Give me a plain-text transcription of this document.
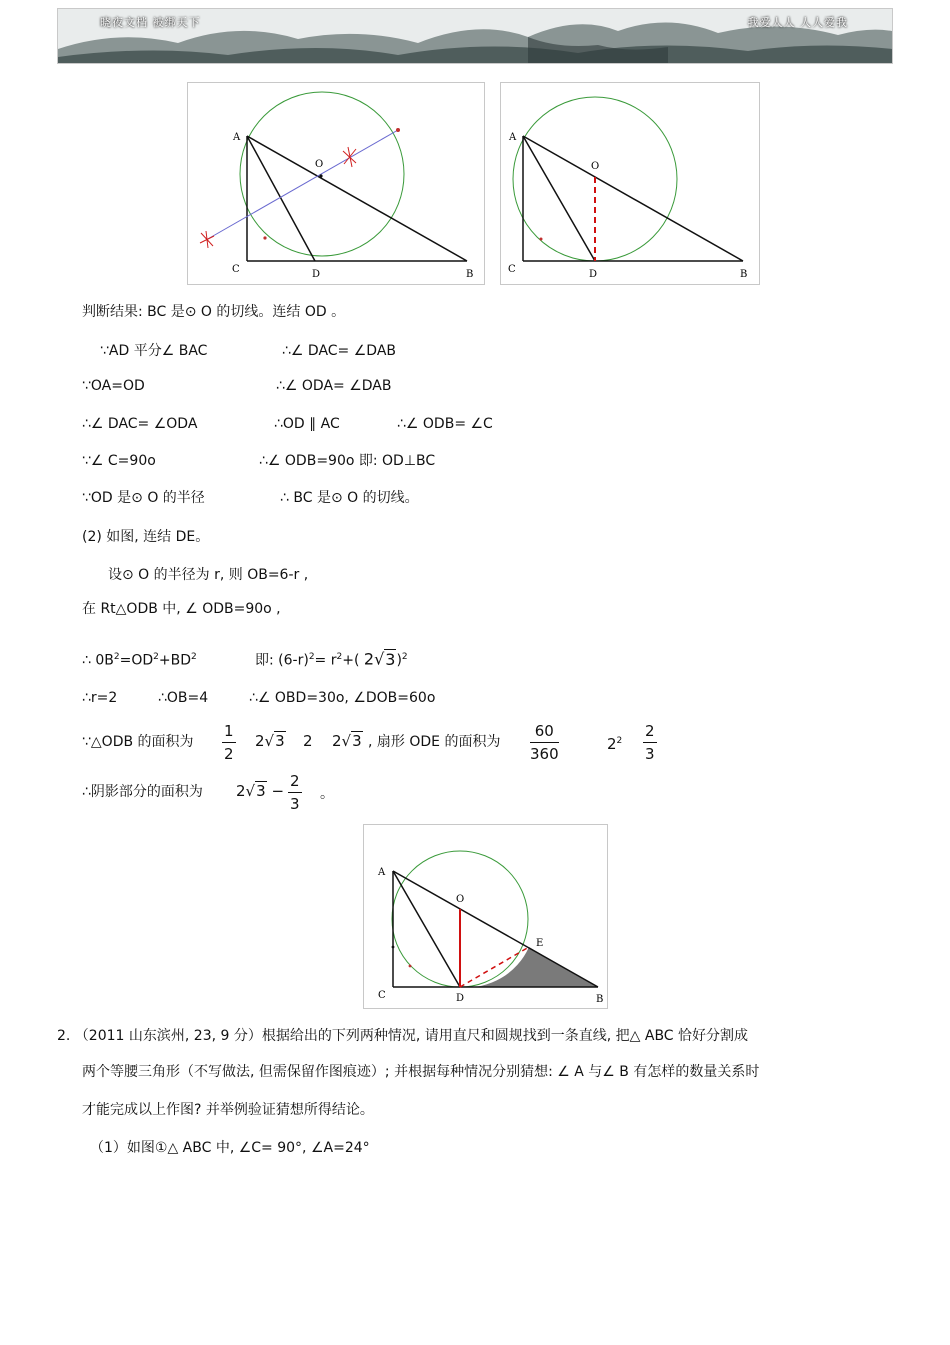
晓夜文档 被绑天下	我爱人人 人人爱我
A
O
C	D	B
A
O
C	D	B
判断结果: BC 是⊙ O 的切线。连结 OD 。
∵AD 平分∠ BAC	∴∠ DAC= ∠DAB
∵OA=OD	∴∠ ODA= ∠DAB
∴∠ DAC= ∠ODA	∴OD ∥ AC	∴∠ ODB= ∠C
∵∠ C=90o	∴∠ ODB=90o 即: OD⊥BC
∵OD 是⊙ O 的半径	∴ BC 是⊙ O 的切线。
(2) 如图, 连结 DE。
设⊙ O 的半径为 r, 则 OB=6-r ,
在 Rt△ODB 中, ∠ ODB=90o ,
∴ $0B^2=OD^2+BD^2$	即: $(6-r)^2= r^2+$( 2√3)$^2$
∴r=2	∴OB=4	∴∠ OBD=30o, ∠DOB=60o
∵△ODB 的面积为 $\frac{1}{2} 2√3$ 2 2√3 , 扇形 ODE 的面积为 $\frac{60}{360}$	$2^2 \frac{2}{3}$
∴阴影部分的面积为 $2√3 - \frac{2}{3}$ 。
A
O
E
C	D	B
2. （2011 山东滨州, 23, 9 分）根据给出的下列两种情况, 请用直尺和圆规找到一条直线, 把△ ABC 恰好分割成
两个等腰三角形（不写做法, 但需保留作图痕迹）; 并根据每种情况分别猜想: ∠ A 与∠ B 有怎样的数量关系时
才能完成以上作图? 并举例验证猜想所得结论。
（1）如图①△ ABC 中, ∠C= 90°, ∠A=24°
